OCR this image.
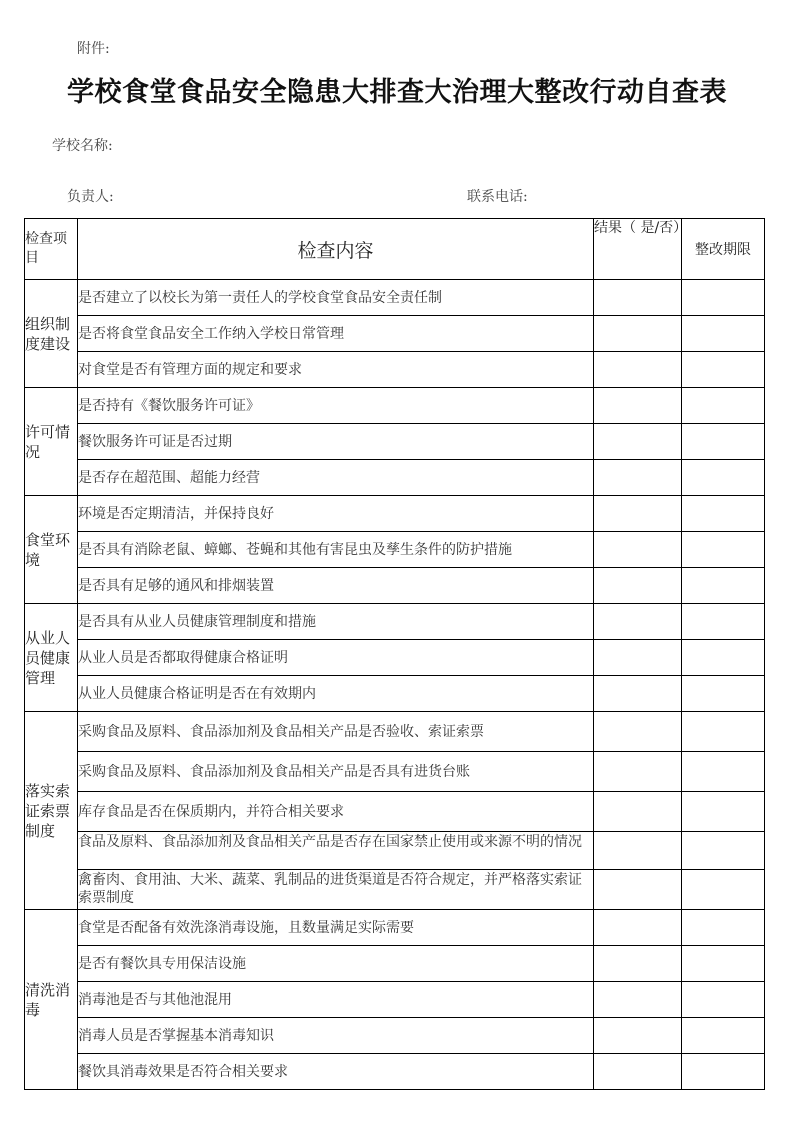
附件:
学校食堂食品安全隐患大排查大治理大整改行动自查表
学校名称:
负责人:	联系电话:
检查项目	检查内容	结果（ 是/否）	整改期限
组织制度建设	是否建立了以校长为第一责任人的学校食堂食品安全责任制		
	是否将食堂食品安全工作纳入学校日常管理		
	对食堂是否有管理方面的规定和要求		
许可情况	是否持有《餐饮服务许可证》		
	餐饮服务许可证是否过期		
	是否存在超范围、超能力经营		
食堂环境	环境是否定期清洁，并保持良好		
	是否具有消除老鼠、蟑螂、苍蝇和其他有害昆虫及孳生条件的防护措施		
	是否具有足够的通风和排烟装置		
从业人员健康管理	是否具有从业人员健康管理制度和措施		
	从业人员是否都取得健康合格证明		
	从业人员健康合格证明是否在有效期内		
落实索证索票制度	采购食品及原料、食品添加剂及食品相关产品是否验收、索证索票		
	采购食品及原料、食品添加剂及食品相关产品是否具有进货台账		
	库存食品是否在保质期内，并符合相关要求		
	食品及原料、食品添加剂及食品相关产品是否存在国家禁止使用或来源不明的情况		
	禽畜肉、食用油、大米、蔬菜、乳制品的进货渠道是否符合规定，并严格落实索证索票制度		
清洗消毒	食堂是否配备有效洗涤消毒设施，且数量满足实际需要		
	是否有餐饮具专用保洁设施		
	消毒池是否与其他池混用		
	消毒人员是否掌握基本消毒知识		
	餐饮具消毒效果是否符合相关要求		
